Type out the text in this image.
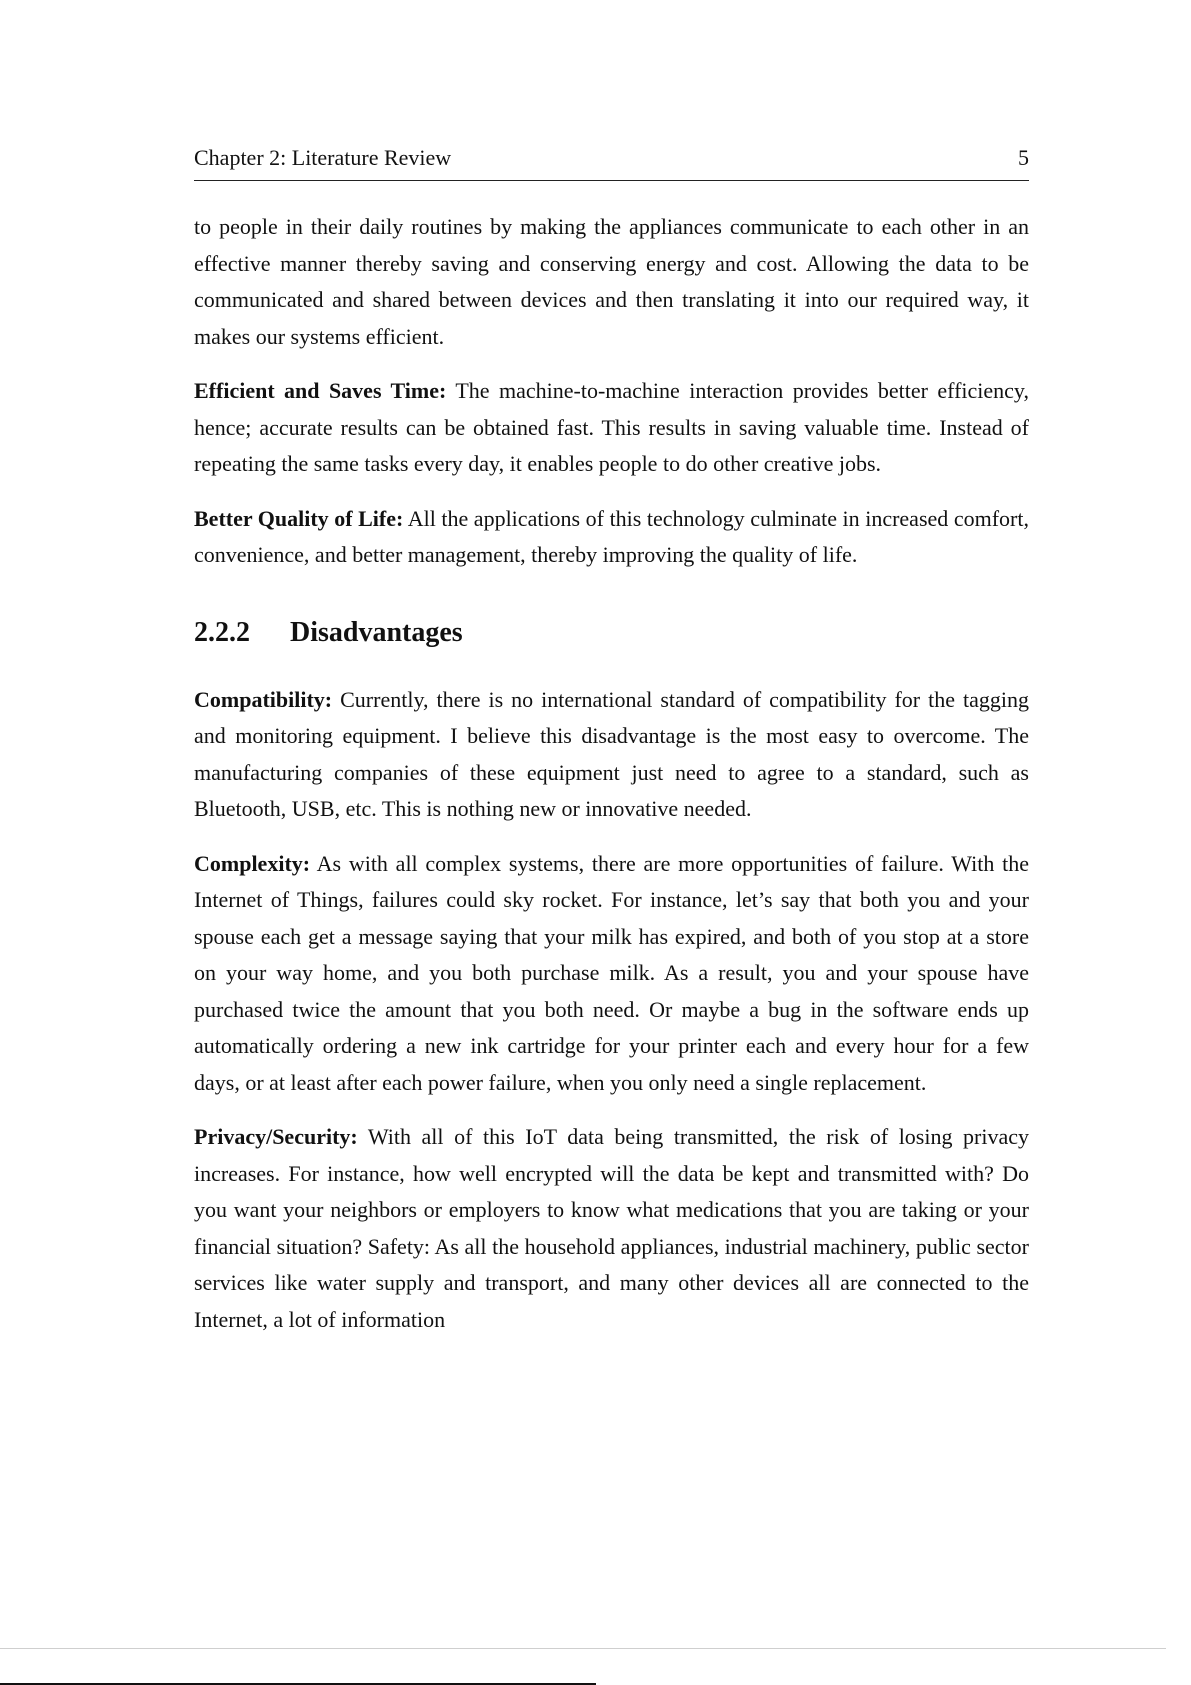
Chapter 2: Literature Review	5

to people in their daily routines by making the appliances communicate to each other in an effective manner thereby saving and conserving energy and cost. Allowing the data to be communicated and shared between devices and then translating it into our required way, it makes our systems efficient.

Efficient and Saves Time: The machine-to-machine interaction provides better efficiency, hence; accurate results can be obtained fast. This results in saving valuable time. Instead of repeating the same tasks every day, it enables people to do other creative jobs.

Better Quality of Life: All the applications of this technology culminate in increased comfort, convenience, and better management, thereby improving the quality of life.

2.2.2	Disadvantages

Compatibility: Currently, there is no international standard of compatibility for the tagging and monitoring equipment. I believe this disadvantage is the most easy to overcome. The manufacturing companies of these equipment just need to agree to a standard, such as Bluetooth, USB, etc. This is nothing new or innovative needed.

Complexity: As with all complex systems, there are more opportunities of failure. With the Internet of Things, failures could sky rocket. For instance, let’s say that both you and your spouse each get a message saying that your milk has expired, and both of you stop at a store on your way home, and you both purchase milk. As a result, you and your spouse have purchased twice the amount that you both need. Or maybe a bug in the software ends up automatically ordering a new ink cartridge for your printer each and every hour for a few days, or at least after each power failure, when you only need a single replacement.

Privacy/Security: With all of this IoT data being transmitted, the risk of losing privacy increases. For instance, how well encrypted will the data be kept and transmitted with? Do you want your neighbors or employers to know what medications that you are taking or your financial situation? Safety: As all the household appliances, industrial machinery, public sector services like water supply and transport, and many other devices all are connected to the Internet, a lot of information
